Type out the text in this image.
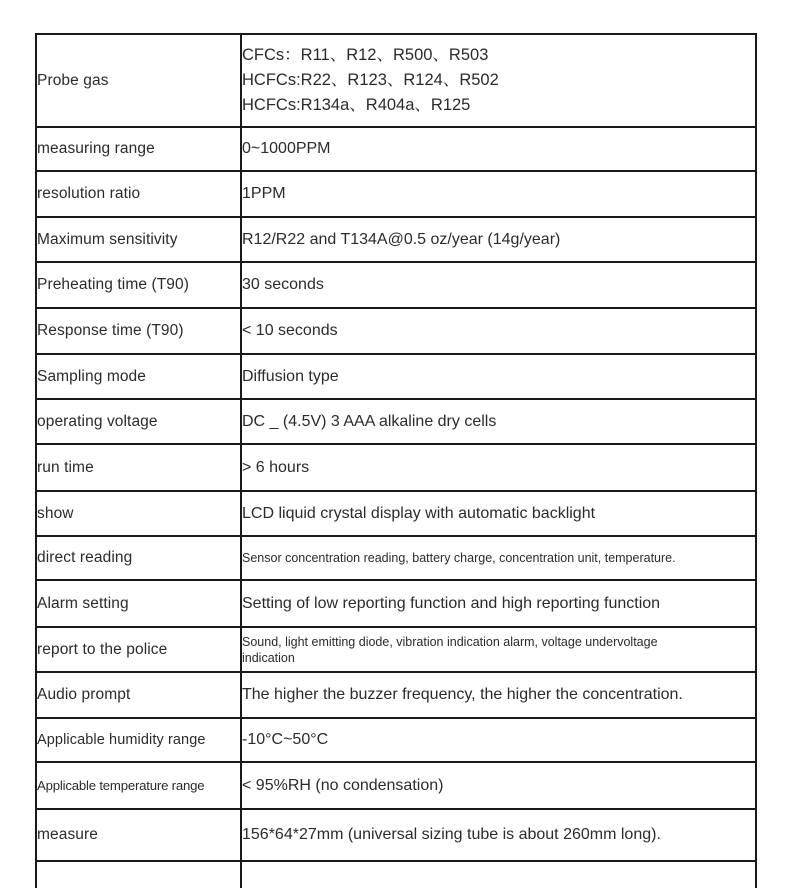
Probe gas	CFCs：R11、R12、R500、R503
HCFCs:R22、R123、R124、R502
HCFCs:R134a、R404a、R125

measuring range	0~1000PPM
resolution ratio	1PPM
Maximum sensitivity	R12/R22 and T134A@0.5 oz/year (14g/year)
Preheating time (T90)	30 seconds
Response time (T90)	< 10 seconds
Sampling mode	Diffusion type
operating voltage	DC _ (4.5V) 3 AAA alkaline dry cells
run time	> 6 hours
show	LCD liquid crystal display with automatic backlight
direct reading	Sensor concentration reading, battery charge, concentration unit, temperature.
Alarm setting	Setting of low reporting function and high reporting function
report to the police	Sound, light emitting diode, vibration indication alarm, voltage undervoltage indication
Audio prompt	The higher the buzzer frequency, the higher the concentration.
Applicable humidity range	-10°C~50°C
Applicable temperature range	< 95%RH (no condensation)
measure	156*64*27mm (universal sizing tube is about 260mm long).
